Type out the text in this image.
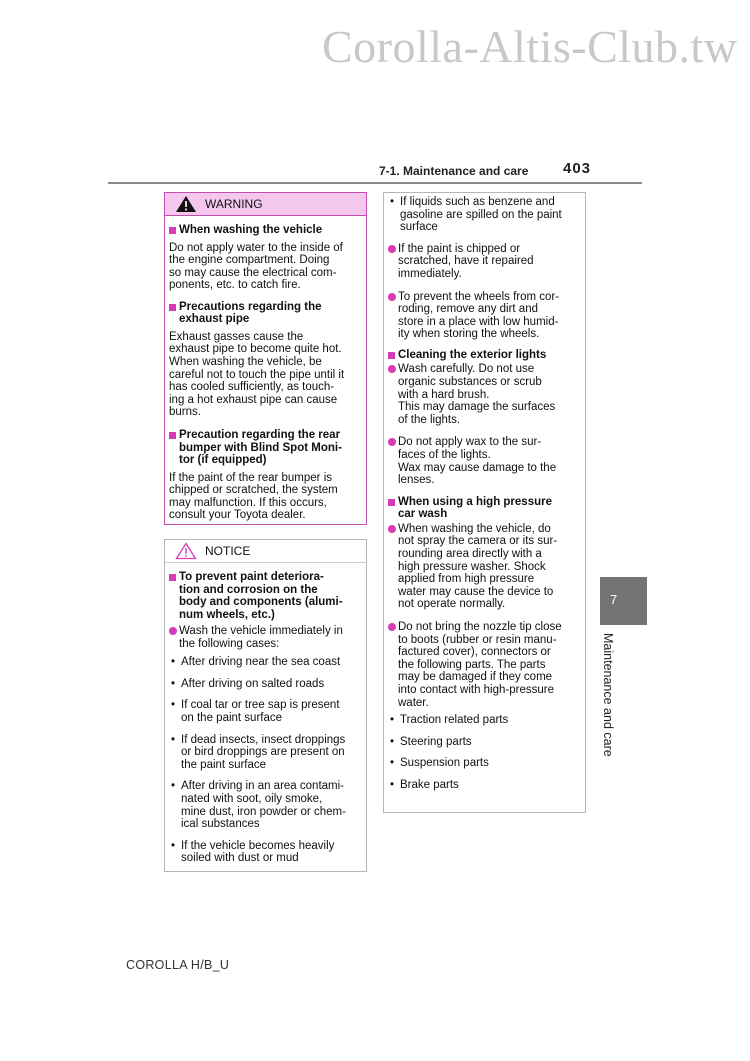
Corolla-Altis-Club.tw
7-1. Maintenance and care 403
WARNING
When washing the vehicle
Do not apply water to the inside of
the engine compartment. Doing
so may cause the electrical com-
ponents, etc. to catch fire.
Precautions regarding the
exhaust pipe
Exhaust gasses cause the
exhaust pipe to become quite hot.
When washing the vehicle, be
careful not to touch the pipe until it
has cooled sufficiently, as touch-
ing a hot exhaust pipe can cause
burns.
Precaution regarding the rear
bumper with Blind Spot Moni-
tor (if equipped)
If the paint of the rear bumper is
chipped or scratched, the system
may malfunction. If this occurs,
consult your Toyota dealer.
NOTICE
To prevent paint deteriora-
tion and corrosion on the
body and components (alumi-
num wheels, etc.)
Wash the vehicle immediately in
the following cases:
• After driving near the sea coast
• After driving on salted roads
• If coal tar or tree sap is present
on the paint surface
• If dead insects, insect droppings
or bird droppings are present on
the paint surface
• After driving in an area contami-
nated with soot, oily smoke,
mine dust, iron powder or chem-
ical substances
• If the vehicle becomes heavily
soiled with dust or mud
• If liquids such as benzene and
gasoline are spilled on the paint
surface
If the paint is chipped or
scratched, have it repaired
immediately.
To prevent the wheels from cor-
roding, remove any dirt and
store in a place with low humid-
ity when storing the wheels.
Cleaning the exterior lights
Wash carefully. Do not use
organic substances or scrub
with a hard brush.
This may damage the surfaces
of the lights.
Do not apply wax to the sur-
faces of the lights.
Wax may cause damage to the
lenses.
When using a high pressure
car wash
When washing the vehicle, do
not spray the camera or its sur-
rounding area directly with a
high pressure washer. Shock
applied from high pressure
water may cause the device to
not operate normally.
Do not bring the nozzle tip close
to boots (rubber or resin manu-
factured cover), connectors or
the following parts. The parts
may be damaged if they come
into contact with high-pressure
water.
• Traction related parts
• Steering parts
• Suspension parts
• Brake parts
7
Maintenance and care
COROLLA H/B_U
